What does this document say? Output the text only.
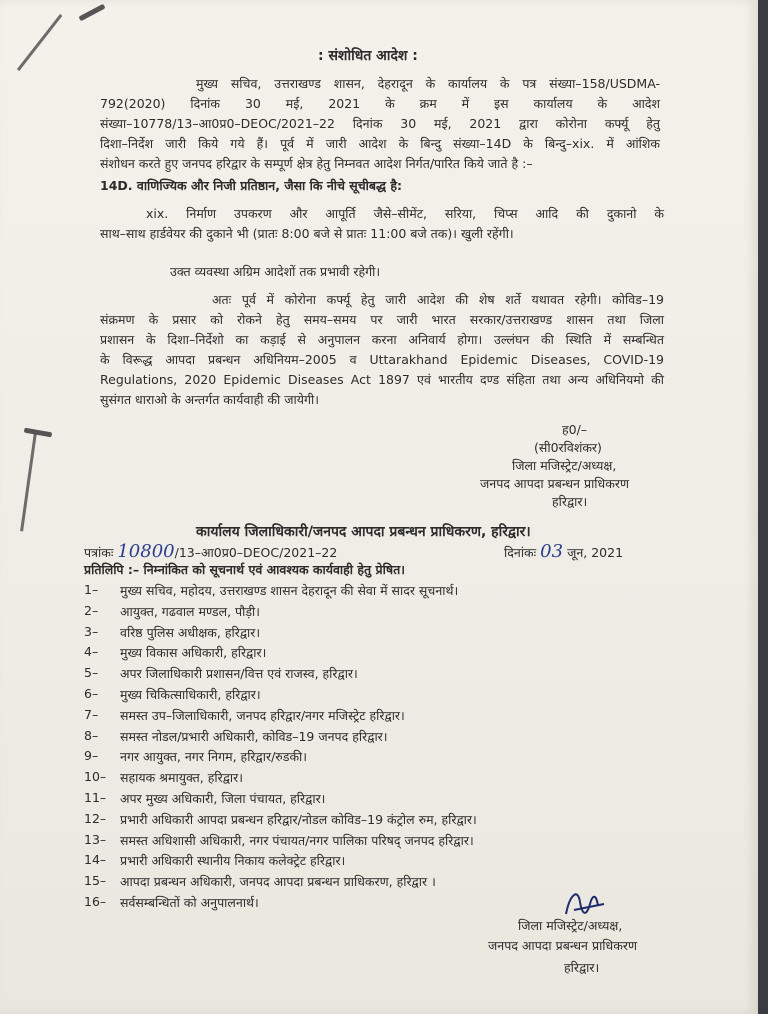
: संशोधित आदेश :
मुख्य सचिव, उत्तराखण्ड शासन, देहरादून के कार्यालय के पत्र संख्या–158/USDMA-
792(2020) दिनांक 30 मई, 2021 के क्रम में इस कार्यालय के आदेश
संख्या–10778/13–आ0प्र0–DEOC/2021–22 दिनांक 30 मई, 2021 द्वारा कोरोना कर्फ्यू हेतु
दिशा–निर्देश जारी किये गये हैं। पूर्व में जारी आदेश के बिन्दु संख्या–14D के बिन्दु–xix. में आंशिक
संशोधन करते हुए जनपद हरिद्वार के सम्पूर्ण क्षेत्र हेतु निम्नवत आदेश निर्गत/पारित किये जाते है :–
14D. वाणिज्यिक और निजी प्रतिष्ठान, जैसा कि नीचे सूचीबद्ध है:
xix. निर्माण उपकरण और आपूर्ति जैसे–सीमेंट, सरिया, चिप्स आदि की दुकानो के
साथ–साथ हार्डवेयर की दुकाने भी (प्रातः 8:00 बजे से प्रातः 11:00 बजे तक)। खुली रहेंगी।
उक्त व्यवस्था अग्रिम आदेशों तक प्रभावी रहेगी।
अतः पूर्व में कोरोना कर्फ्यू हेतु जारी आदेश की शेष शर्ते यथावत रहेगी। कोविड–19
संक्रमण के प्रसार को रोकने हेतु समय–समय पर जारी भारत सरकार/उत्तराखण्ड शासन तथा जिला
प्रशासन के दिशा–निर्देशो का कड़ाई से अनुपालन करना अनिवार्य होगा। उल्लंघन की स्थिति में सम्बन्धित
के विरूद्ध आपदा प्रबन्धन अधिनियम–2005 व Uttarakhand Epidemic Diseases, COVID-19
Regulations, 2020 Epidemic Diseases Act 1897 एवं भारतीय दण्ड संहिता तथा अन्य अधिनियमो की
सुसंगत धाराओ के अन्तर्गत कार्यवाही की जायेगी।
ह0/–
(सी0रविशंकर)
जिला मजिस्ट्रेट/अध्यक्ष,
जनपद आपदा प्रबन्धन प्राधिकरण
हरिद्वार।
कार्यालय जिलाधिकारी/जनपद आपदा प्रबन्धन प्राधिकरण, हरिद्वार।
पत्रांकः 10800/13–आ0प्र0–DEOC/2021–22	दिनांकः 03 जून, 2021
प्रतिलिपि :– निम्नांकित को सूचनार्थ एवं आवश्यक कार्यवाही हेतु प्रेषित।
1–	मुख्य सचिव, महोदय, उत्तराखण्ड शासन देहरादून की सेवा में सादर सूचनार्थ।
2–	आयुक्त, गढवाल मण्डल, पौड़ी।
3–	वरिष्ठ पुलिस अधीक्षक, हरिद्वार।
4–	मुख्य विकास अधिकारी, हरिद्वार।
5–	अपर जिलाधिकारी प्रशासन/वित्त एवं राजस्व, हरिद्वार।
6–	मुख्य चिकित्साधिकारी, हरिद्वार।
7–	समस्त उप–जिलाधिकारी, जनपद हरिद्वार/नगर मजिस्ट्रेट हरिद्वार।
8–	समस्त नोडल/प्रभारी अधिकारी, कोविड–19 जनपद हरिद्वार।
9–	नगर आयुक्त, नगर निगम, हरिद्वार/रुडकी।
10–	सहायक श्रमायुक्त, हरिद्वार।
11–	अपर मुख्य अधिकारी, जिला पंचायत, हरिद्वार।
12–	प्रभारी अधिकारी आपदा प्रबन्धन हरिद्वार/नोडल कोविड–19 कंट्रोल रुम, हरिद्वार।
13–	समस्त अधिशासी अधिकारी, नगर पंचायत/नगर पालिका परिषद् जनपद हरिद्वार।
14–	प्रभारी अधिकारी स्थानीय निकाय कलेक्ट्रेट हरिद्वार।
15–	आपदा प्रबन्धन अधिकारी, जनपद आपदा प्रबन्धन प्राधिकरण, हरिद्वार ।
16–	सर्वसम्बन्धितों को अनुपालनार्थ।
जिला मजिस्ट्रेट/अध्यक्ष,
जनपद आपदा प्रबन्धन प्राधिकरण
हरिद्वार।
